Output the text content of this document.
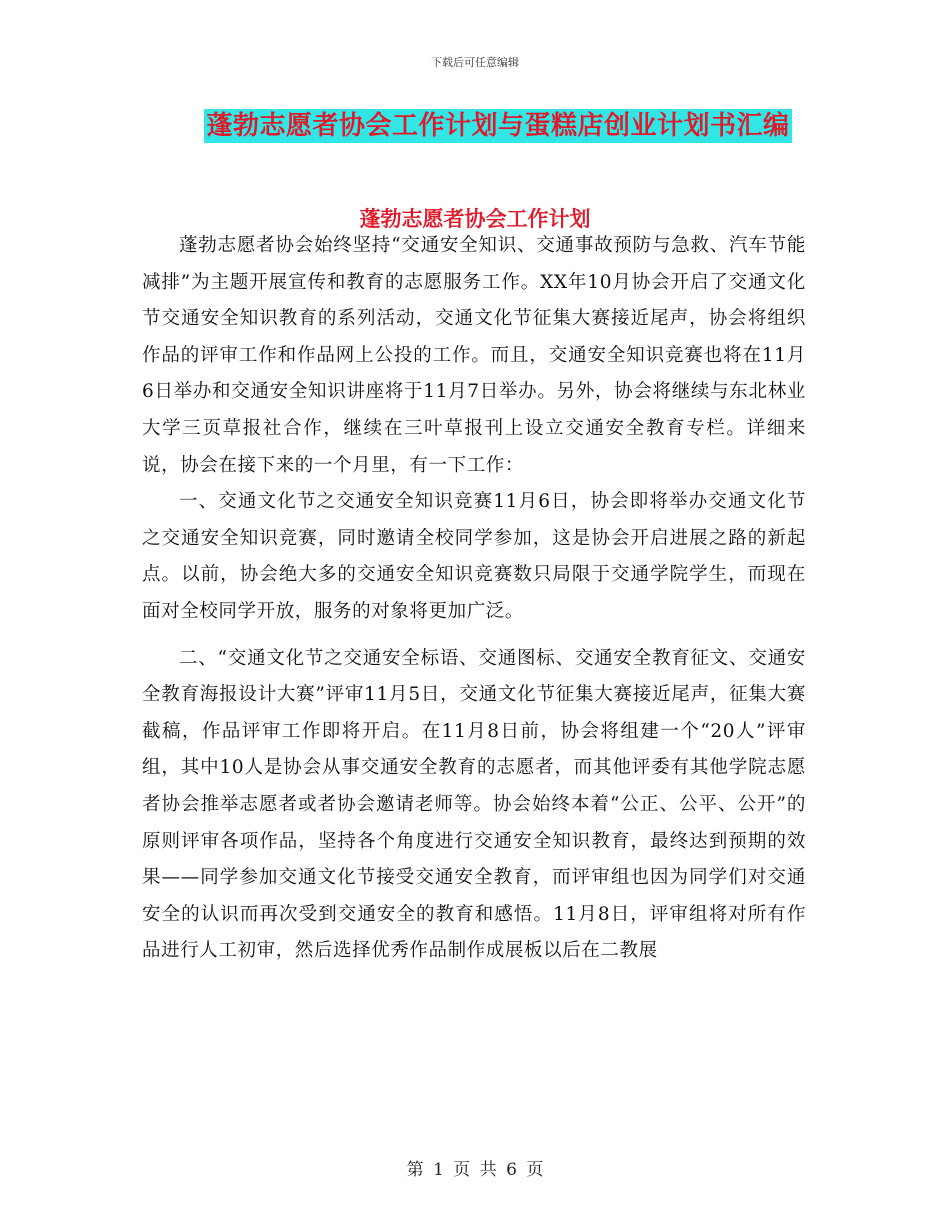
下载后可任意编辑
蓬勃志愿者协会工作计划与蛋糕店创业计划书汇编
蓬勃志愿者协会工作计划

蓬勃志愿者协会始终坚持“交通安全知识、交通事故预防与急救、汽车节能减排”为主题开展宣传和教育的志愿服务工作。XX年10月协会开启了交通文化节交通安全知识教育的系列活动，交通文化节征集大赛接近尾声，协会将组织作品的评审工作和作品网上公投的工作。而且，交通安全知识竞赛也将在11月6日举办和交通安全知识讲座将于11月7日举办。另外，协会将继续与东北林业大学三页草报社合作，继续在三叶草报刊上设立交通安全教育专栏。详细来说，协会在接下来的一个月里，有一下工作：

一、交通文化节之交通安全知识竞赛11月6日，协会即将举办交通文化节之交通安全知识竞赛，同时邀请全校同学参加，这是协会开启进展之路的新起点。以前，协会绝大多的交通安全知识竞赛数只局限于交通学院学生，而现在面对全校同学开放，服务的对象将更加广泛。

二、“交通文化节之交通安全标语、交通图标、交通安全教育征文、交通安全教育海报设计大赛”评审11月5日，交通文化节征集大赛接近尾声，征集大赛截稿，作品评审工作即将开启。在11月8日前，协会将组建一个“20人”评审组，其中10人是协会从事交通安全教育的志愿者，而其他评委有其他学院志愿者协会推举志愿者或者协会邀请老师等。协会始终本着“公正、公平、公开”的原则评审各项作品，坚持各个角度进行交通安全知识教育，最终达到预期的效果——同学参加交通文化节接受交通安全教育，而评审组也因为同学们对交通安全的认识而再次受到交通安全的教育和感悟。11月8日，评审组将对所有作品进行人工初审，然后选择优秀作品制作成展板以后在二教展

第 1 页 共 6 页
